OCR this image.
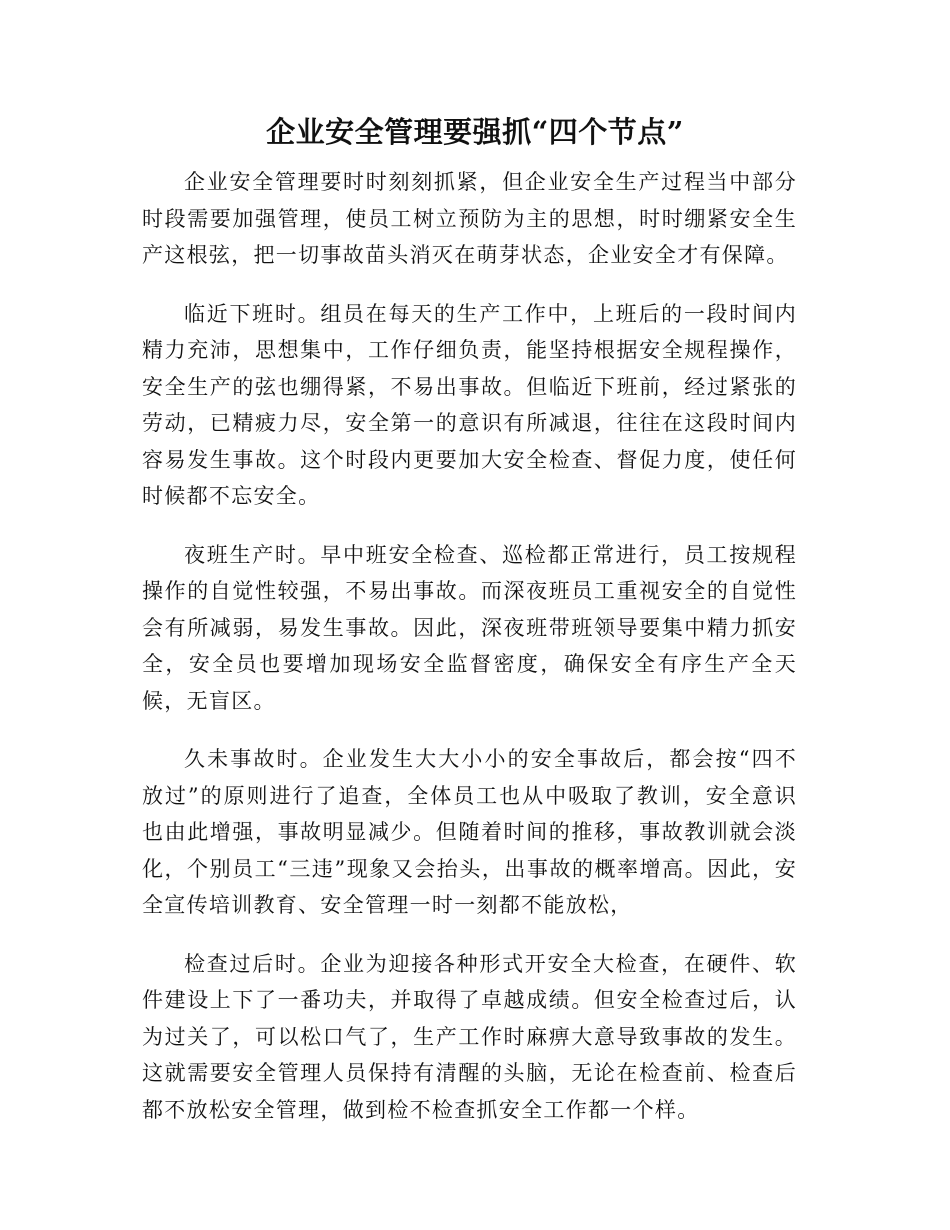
企业安全管理要强抓“四个节点”

企业安全管理要时时刻刻抓紧，但企业安全生产过程当中部分时段需要加强管理，使员工树立预防为主的思想，时时绷紧安全生产这根弦，把一切事故苗头消灭在萌芽状态，企业安全才有保障。

临近下班时。组员在每天的生产工作中，上班后的一段时间内精力充沛，思想集中，工作仔细负责，能坚持根据安全规程操作，安全生产的弦也绷得紧，不易出事故。但临近下班前，经过紧张的劳动，已精疲力尽，安全第一的意识有所减退，往往在这段时间内容易发生事故。这个时段内更要加大安全检查、督促力度，使任何时候都不忘安全。

夜班生产时。早中班安全检查、巡检都正常进行，员工按规程操作的自觉性较强，不易出事故。而深夜班员工重视安全的自觉性会有所减弱，易发生事故。因此，深夜班带班领导要集中精力抓安全，安全员也要增加现场安全监督密度，确保安全有序生产全天候，无盲区。

久未事故时。企业发生大大小小的安全事故后，都会按“四不放过”的原则进行了追查，全体员工也从中吸取了教训，安全意识也由此增强，事故明显减少。但随着时间的推移，事故教训就会淡化，个别员工“三违”现象又会抬头，出事故的概率增高。因此，安全宣传培训教育、安全管理一时一刻都不能放松，

检查过后时。企业为迎接各种形式开安全大检查，在硬件、软件建设上下了一番功夫，并取得了卓越成绩。但安全检查过后，认为过关了，可以松口气了，生产工作时麻痹大意导致事故的发生。这就需要安全管理人员保持有清醒的头脑，无论在检查前、检查后都不放松安全管理，做到检不检查抓安全工作都一个样。
